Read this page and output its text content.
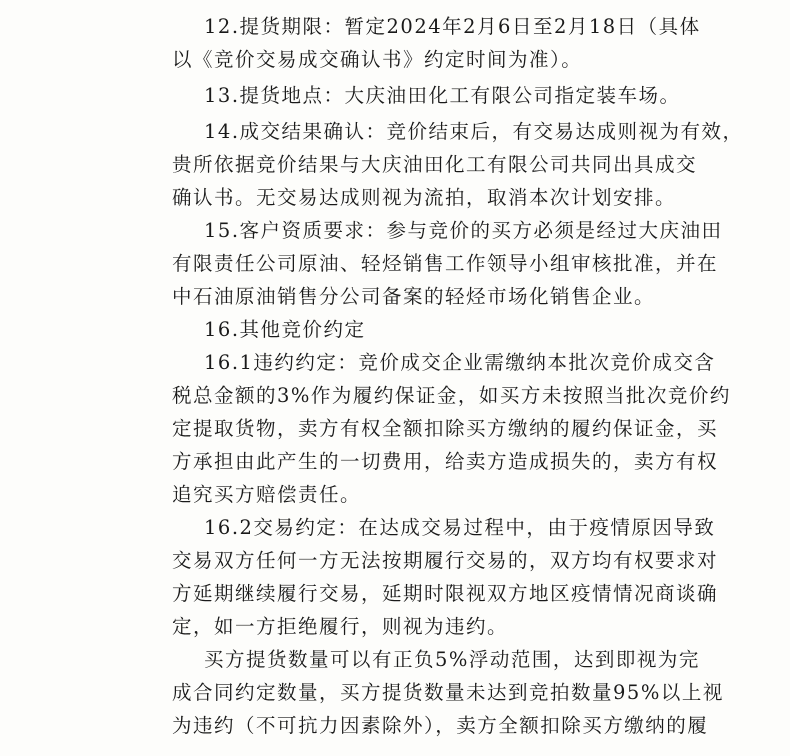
12.提货期限：暂定2024年2月6日至2月18日（具体
以《竞价交易成交确认书》约定时间为准）。
13.提货地点：大庆油田化工有限公司指定装车场。
14.成交结果确认：竞价结束后，有交易达成则视为有效，
贵所依据竞价结果与大庆油田化工有限公司共同出具成交
确认书。无交易达成则视为流拍，取消本次计划安排。
15.客户资质要求：参与竞价的买方必须是经过大庆油田
有限责任公司原油、轻烃销售工作领导小组审核批准，并在
中石油原油销售分公司备案的轻烃市场化销售企业。
16.其他竞价约定
16.1违约约定：竞价成交企业需缴纳本批次竞价成交含
税总金额的3%作为履约保证金，如买方未按照当批次竞价约
定提取货物，卖方有权全额扣除买方缴纳的履约保证金，买
方承担由此产生的一切费用，给卖方造成损失的，卖方有权
追究买方赔偿责任。
16.2交易约定：在达成交易过程中，由于疫情原因导致
交易双方任何一方无法按期履行交易的，双方均有权要求对
方延期继续履行交易，延期时限视双方地区疫情情况商谈确
定，如一方拒绝履行，则视为违约。
买方提货数量可以有正负5%浮动范围，达到即视为完
成合同约定数量，买方提货数量未达到竞拍数量95%以上视
为违约（不可抗力因素除外），卖方全额扣除买方缴纳的履
